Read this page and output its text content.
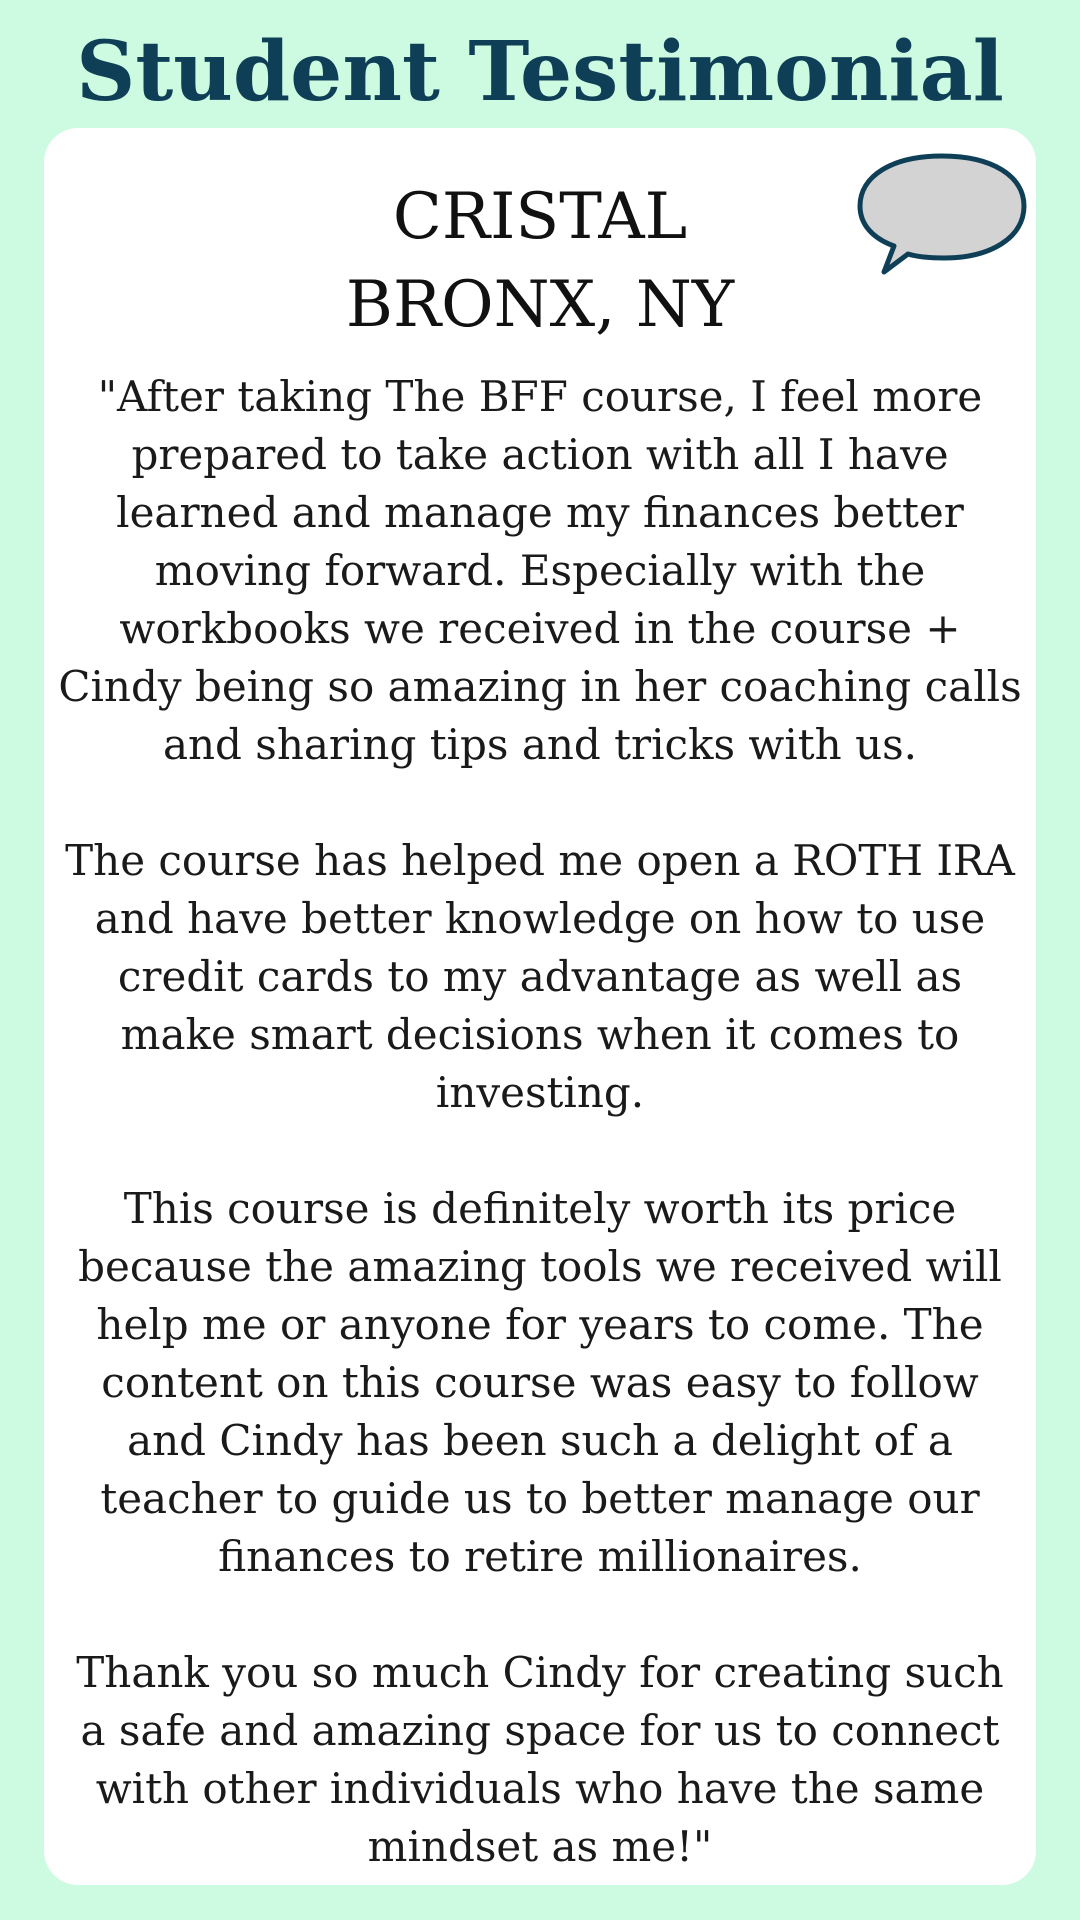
Student Testimonial
CRISTAL
BRONX, NY
"After taking The BFF course, I feel more prepared to take action with all I have learned and manage my finances better moving forward. Especially with the workbooks we received in the course + Cindy being so amazing in her coaching calls and sharing tips and tricks with us.
The course has helped me open a ROTH IRA and have better knowledge on how to use credit cards to my advantage as well as make smart decisions when it comes to investing.
This course is definitely worth its price because the amazing tools we received will help me or anyone for years to come. The content on this course was easy to follow and Cindy has been such a delight of a teacher to guide us to better manage our finances to retire millionaires.
Thank you so much Cindy for creating such a safe and amazing space for us to connect with other individuals who have the same mindset as me!"
